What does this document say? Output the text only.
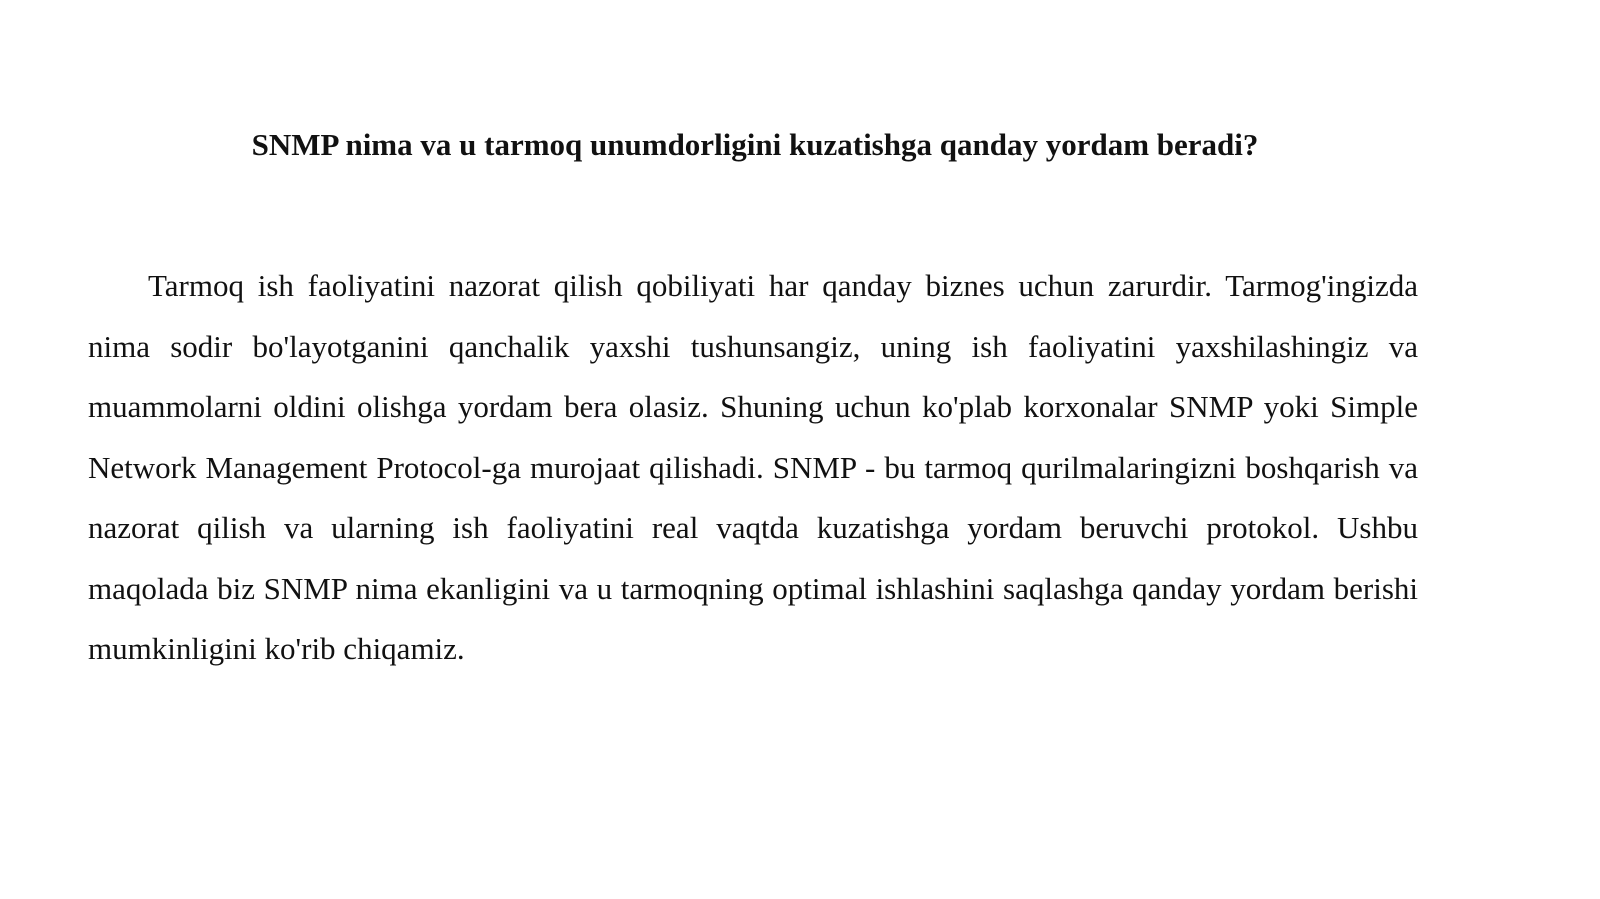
SNMP nima va u tarmoq unumdorligini kuzatishga qanday yordam beradi?

Tarmoq ish faoliyatini nazorat qilish qobiliyati har qanday biznes uchun zarurdir. Tarmog'ingizda nima sodir bo'layotganini qanchalik yaxshi tushunsangiz, uning ish faoliyatini yaxshilashingiz va muammolarni oldini olishga yordam bera olasiz. Shuning uchun ko'plab korxonalar SNMP yoki Simple Network Management Protocol-ga murojaat qilishadi. SNMP - bu tarmoq qurilmalaringizni boshqarish va nazorat qilish va ularning ish faoliyatini real vaqtda kuzatishga yordam beruvchi protokol. Ushbu maqolada biz SNMP nima ekanligini va u tarmoqning optimal ishlashini saqlashga qanday yordam berishi mumkinligini ko'rib chiqamiz.
